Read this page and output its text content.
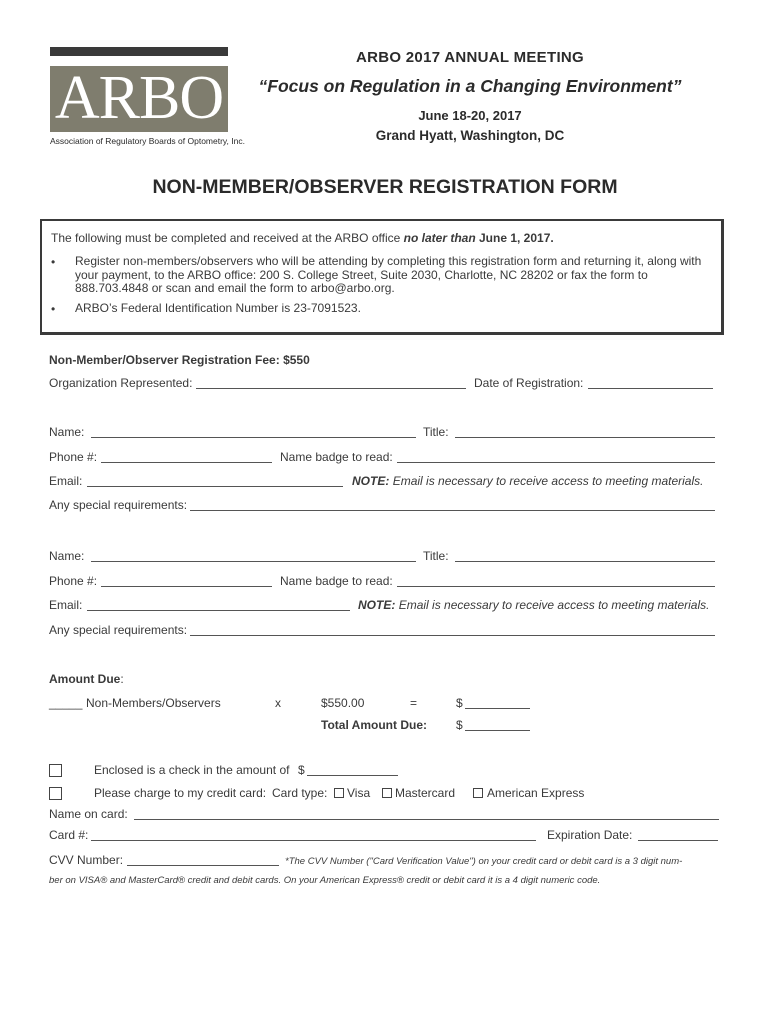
ARBO
Association of Regulatory Boards of Optometry, Inc.
ARBO 2017 ANNUAL MEETING
“Focus on Regulation in a Changing Environment”
June 18-20, 2017
Grand Hyatt, Washington, DC
NON-MEMBER/OBSERVER REGISTRATION FORM
The following must be completed and received at the ARBO office no later than June 1, 2017.
• Register non-members/observers who will be attending by completing this registration form and returning it, along with your payment, to the ARBO office: 200 S. College Street, Suite 2030, Charlotte, NC 28202 or fax the form to 888.703.4848 or scan and email the form to arbo@arbo.org.
• ARBO’s Federal Identification Number is 23-7091523.
Non-Member/Observer Registration Fee: $550
Organization Represented:	Date of Registration:
Name:	Title:
Phone #:	Name badge to read:
Email:	NOTE: Email is necessary to receive access to meeting materials.
Any special requirements:
Name:	Title:
Phone #:	Name badge to read:
Email:	NOTE: Email is necessary to receive access to meeting materials.
Any special requirements:
Amount Due:
_____ Non-Members/Observers	x	$550.00	=	$
Total Amount Due: $
Enclosed is a check in the amount of $
Please charge to my credit card: Card type: Visa Mastercard	American Express
Name on card:
Card #:	Expiration Date:
CVV Number:	*The CVV Number ("Card Verification Value") on your credit card or debit card is a 3 digit num-
ber on VISA® and MasterCard® credit and debit cards. On your American Express® credit or debit card it is a 4 digit numeric code.
